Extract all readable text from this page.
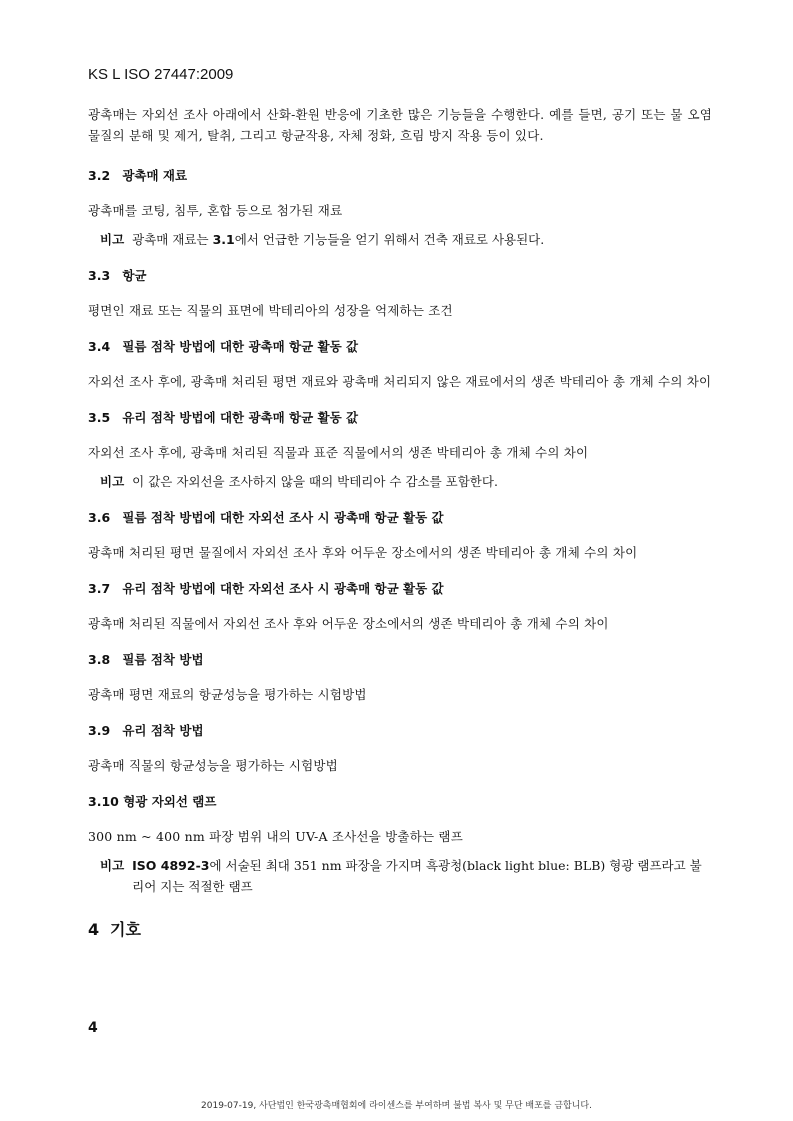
KS L ISO 27447:2009

광촉매는 자외선 조사 아래에서 산화-환원 반응에 기초한 많은 기능들을 수행한다. 예를 들면, 공기 또는 물 오염물질의 분해 및 제거, 탈취, 그리고 항균작용, 자체 정화, 흐림 방지 작용 등이 있다.

3.2 광촉매 재료

광촉매를 코팅, 침투, 혼합 등으로 첨가된 재료

비고 광촉매 재료는 3.1에서 언급한 기능들을 얻기 위해서 건축 재료로 사용된다.

3.3 항균

평면인 재료 또는 직물의 표면에 박테리아의 성장을 억제하는 조건

3.4 필름 점착 방법에 대한 광촉매 항균 활동 값

자외선 조사 후에, 광촉매 처리된 평면 재료와 광촉매 처리되지 않은 재료에서의 생존 박테리아 총 개체 수의 차이

3.5 유리 점착 방법에 대한 광촉매 항균 활동 값

자외선 조사 후에, 광촉매 처리된 직물과 표준 직물에서의 생존 박테리아 총 개체 수의 차이

비고 이 값은 자외선을 조사하지 않을 때의 박테리아 수 감소를 포함한다.

3.6 필름 점착 방법에 대한 자외선 조사 시 광촉매 항균 활동 값

광촉매 처리된 평면 물질에서 자외선 조사 후와 어두운 장소에서의 생존 박테리아 총 개체 수의 차이

3.7 유리 점착 방법에 대한 자외선 조사 시 광촉매 항균 활동 값

광촉매 처리된 직물에서 자외선 조사 후와 어두운 장소에서의 생존 박테리아 총 개체 수의 차이

3.8 필름 점착 방법

광촉매 평면 재료의 항균성능을 평가하는 시험방법

3.9 유리 점착 방법

광촉매 직물의 항균성능을 평가하는 시험방법

3.10 형광 자외선 램프

300 nm ~ 400 nm 파장 범위 내의 UV-A 조사선을 방출하는 램프

비고 ISO 4892-3에 서술된 최대 351 nm 파장을 가지며 흑광청(black light blue: BLB) 형광 램프라고 불리어 지는 적절한 램프

4 기호

4
2019-07-19, 사단법인 한국광촉매협회에 라이센스를 부여하며 불법 복사 및 무단 배포를 금합니다.
